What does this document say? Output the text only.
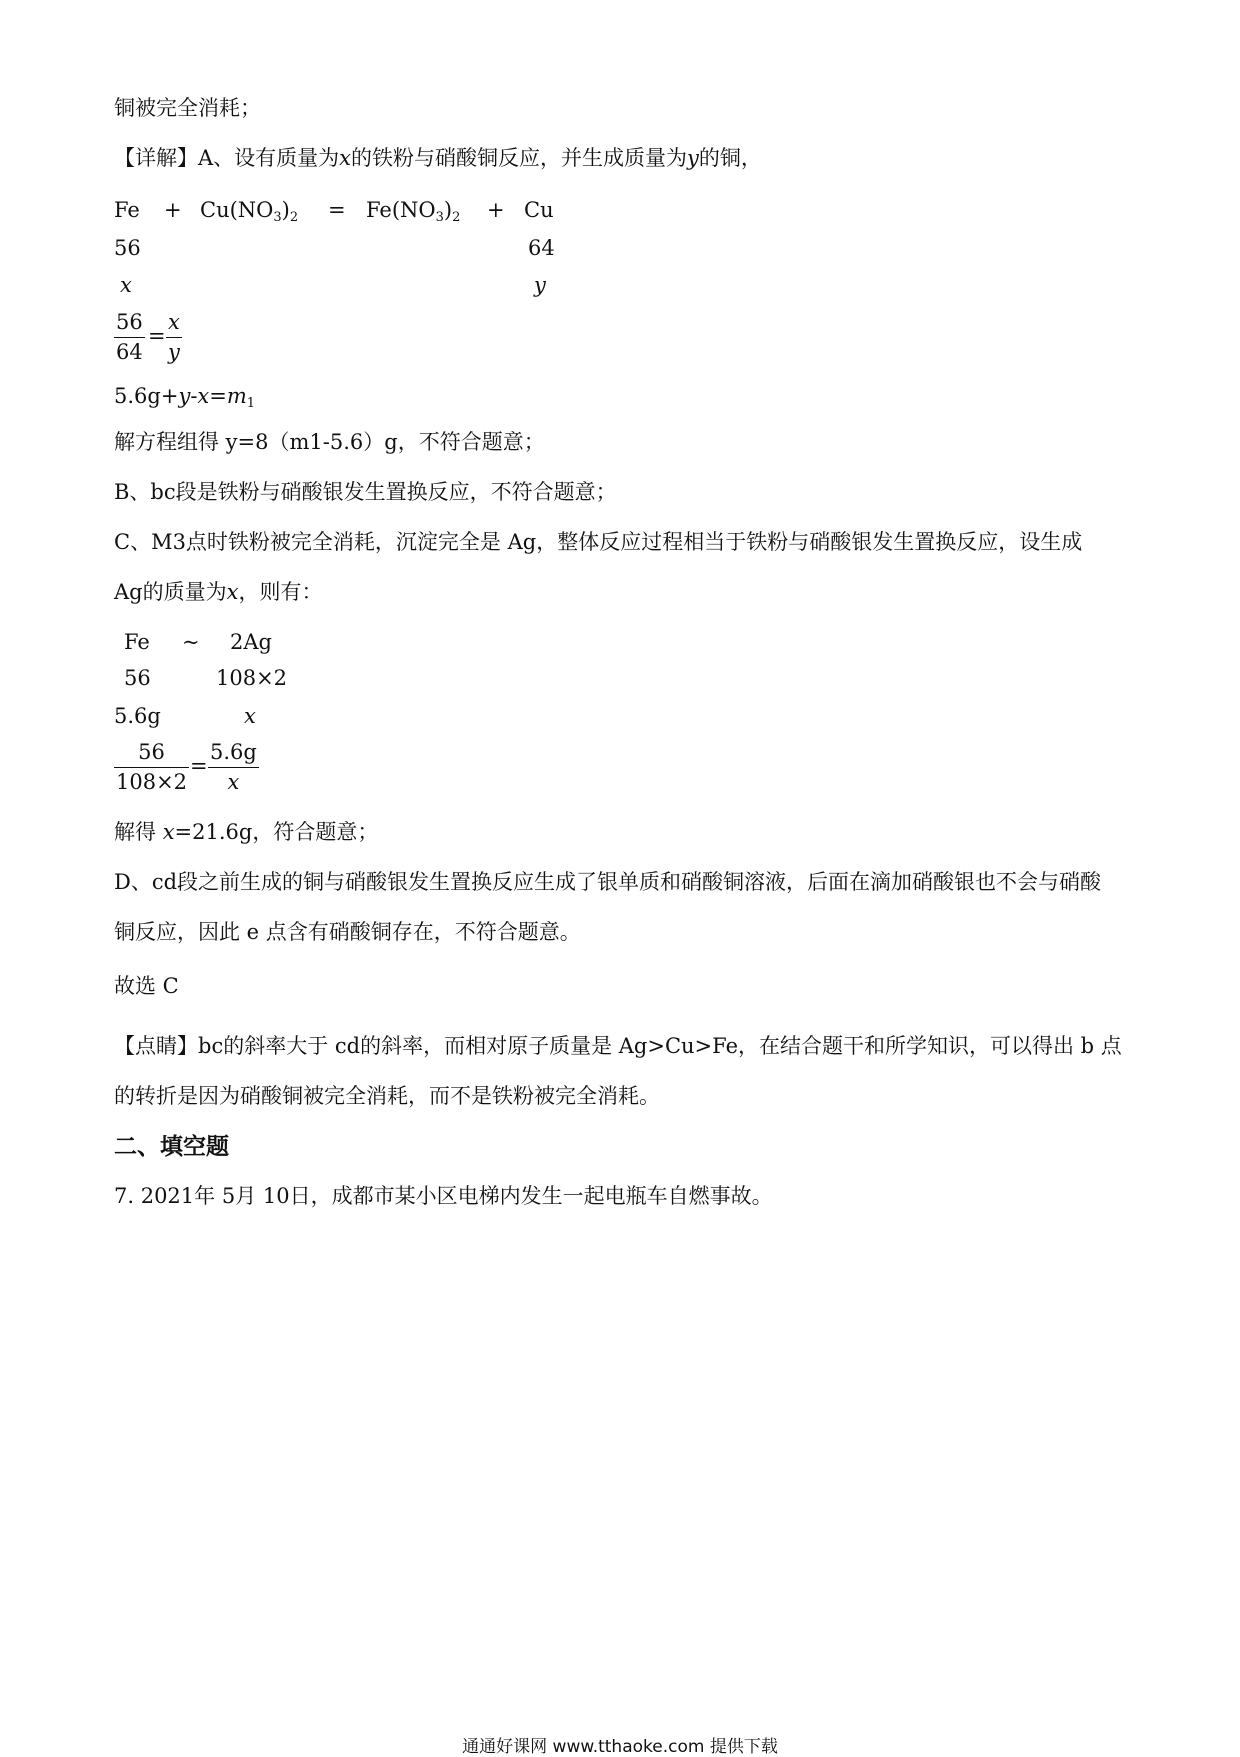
铜被完全消耗；
【详解】A、设有质量为x的铁粉与硝酸铜反应，并生成质量为y的铜，
$Fe + Cu(NO_3)_2 = Fe(NO_3)_2 + Cu$
56	64
x	y
56
64
=
x
y
$5.6g+y-x=m_1$
解方程组得 y=8（m1-5.6）g，不符合题意；
B、bc段是铁粉与硝酸银发生置换反应，不符合题意；
C、M3点时铁粉被完全消耗，沉淀完全是 Ag，整体反应过程相当于铁粉与硝酸银发生置换反应，设生成
Ag的质量为x，则有：
Fe ~ 2Ag
56	108×2
5.6g	x
56
108×2
=
5.6g
x
解得 x=21.6g，符合题意；
D、cd段之前生成的铜与硝酸银发生置换反应生成了银单质和硝酸铜溶液，后面在滴加硝酸银也不会与硝酸
铜反应，因此 e 点含有硝酸铜存在，不符合题意。
故选 C
【点睛】bc的斜率大于 cd的斜率，而相对原子质量是 Ag>Cu>Fe，在结合题干和所学知识，可以得出 b 点
的转折是因为硝酸铜被完全消耗，而不是铁粉被完全消耗。
二、填空题
7. 2021年 5月 10日，成都市某小区电梯内发生一起电瓶车自燃事故。
通通好课网 www.tthaoke.com 提供下载
